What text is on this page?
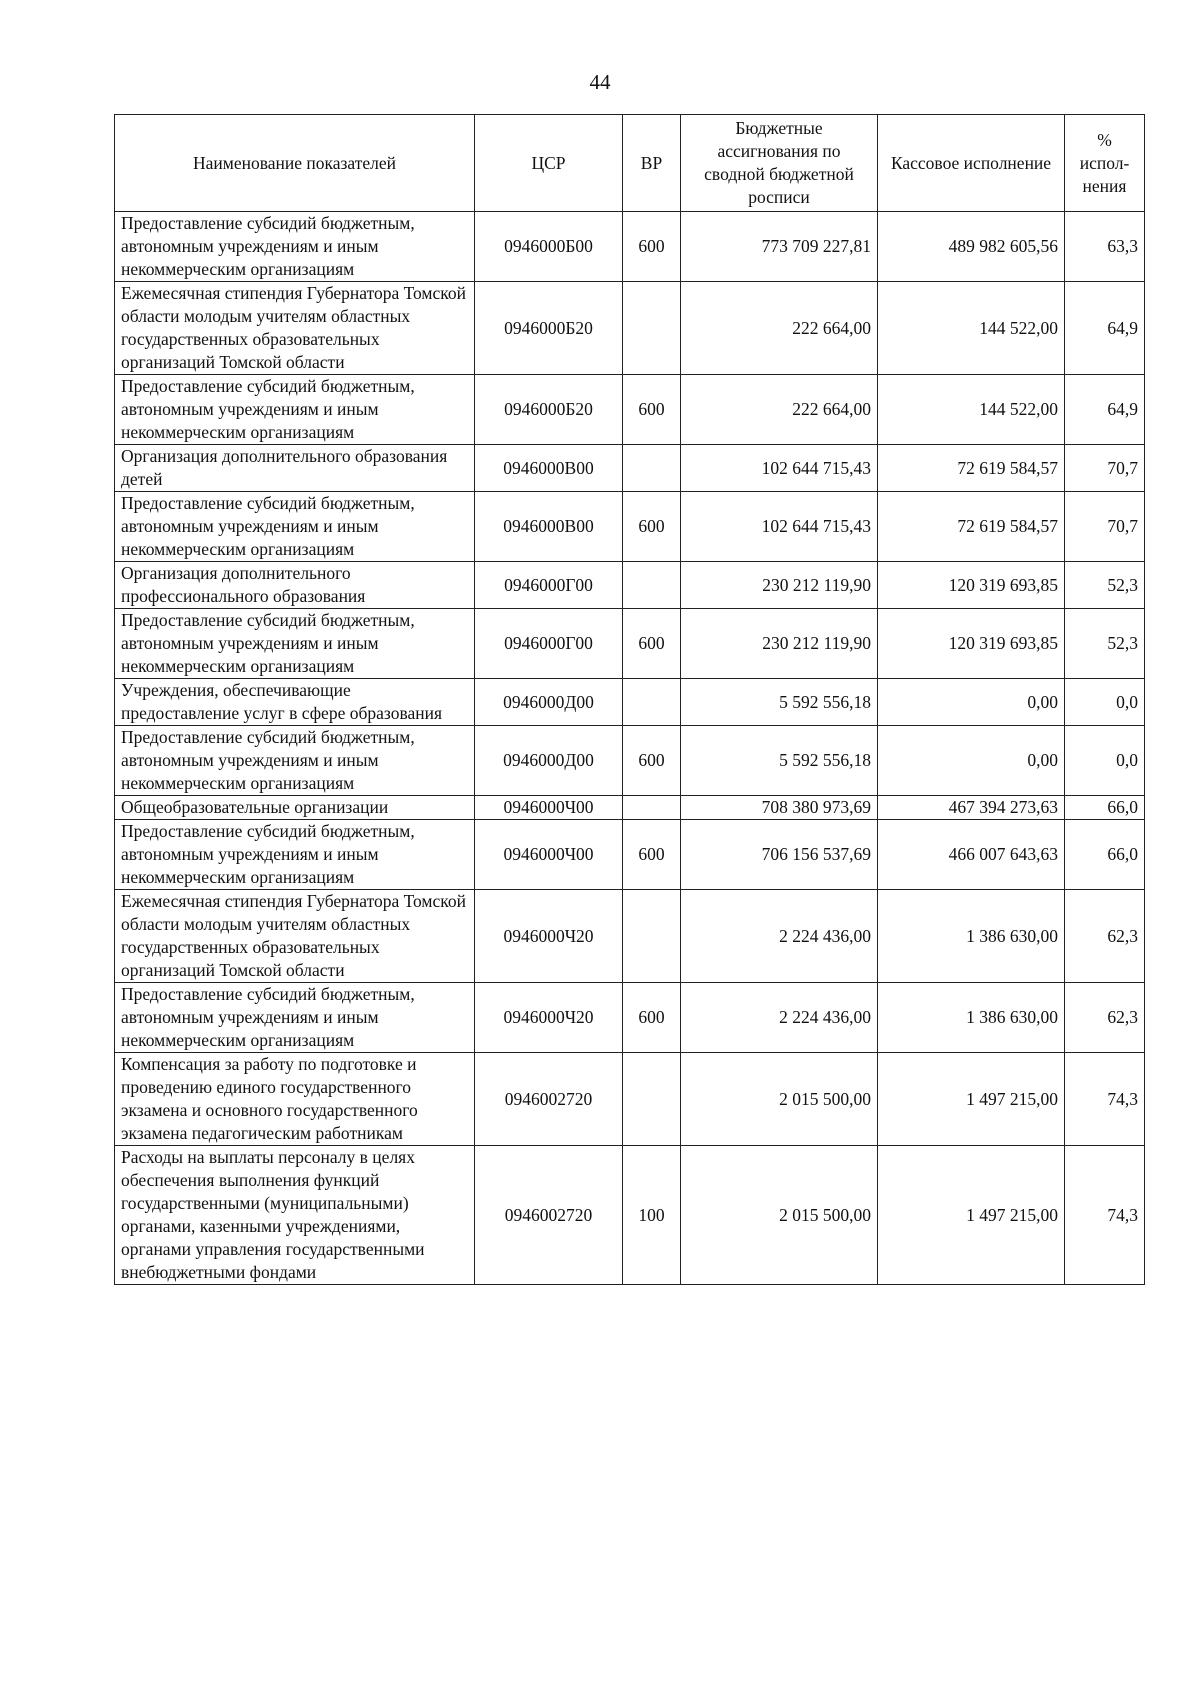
44
Наименование показателей	ЦСР	ВР	Бюджетные ассигнования по сводной бюджетной росписи	Кассовое исполнение	% испол-нения
Предоставление субсидий бюджетным, автономным учреждениям и иным некоммерческим организациям	0946000Б00	600	773 709 227,81	489 982 605,56	63,3
Ежемесячная стипендия Губернатора Томской области молодым учителям областных государственных образовательных организаций Томской области	0946000Б20		222 664,00	144 522,00	64,9
Предоставление субсидий бюджетным, автономным учреждениям и иным некоммерческим организациям	0946000Б20	600	222 664,00	144 522,00	64,9
Организация дополнительного образования детей	0946000В00		102 644 715,43	72 619 584,57	70,7
Предоставление субсидий бюджетным, автономным учреждениям и иным некоммерческим организациям	0946000В00	600	102 644 715,43	72 619 584,57	70,7
Организация дополнительного профессионального образования	0946000Г00		230 212 119,90	120 319 693,85	52,3
Предоставление субсидий бюджетным, автономным учреждениям и иным некоммерческим организациям	0946000Г00	600	230 212 119,90	120 319 693,85	52,3
Учреждения, обеспечивающие предоставление услуг в сфере образования	0946000Д00		5 592 556,18	0,00	0,0
Предоставление субсидий бюджетным, автономным учреждениям и иным некоммерческим организациям	0946000Д00	600	5 592 556,18	0,00	0,0
Общеобразовательные организации	0946000Ч00		708 380 973,69	467 394 273,63	66,0
Предоставление субсидий бюджетным, автономным учреждениям и иным некоммерческим организациям	0946000Ч00	600	706 156 537,69	466 007 643,63	66,0
Ежемесячная стипендия Губернатора Томской области молодым учителям областных государственных образовательных организаций Томской области	0946000Ч20		2 224 436,00	1 386 630,00	62,3
Предоставление субсидий бюджетным, автономным учреждениям и иным некоммерческим организациям	0946000Ч20	600	2 224 436,00	1 386 630,00	62,3
Компенсация за работу по подготовке и проведению единого государственного экзамена и основного государственного экзамена педагогическим работникам	0946002720		2 015 500,00	1 497 215,00	74,3
Расходы на выплаты персоналу в целях обеспечения выполнения функций государственными (муниципальными) органами, казенными учреждениями, органами управления государственными внебюджетными фондами	0946002720	100	2 015 500,00	1 497 215,00	74,3
